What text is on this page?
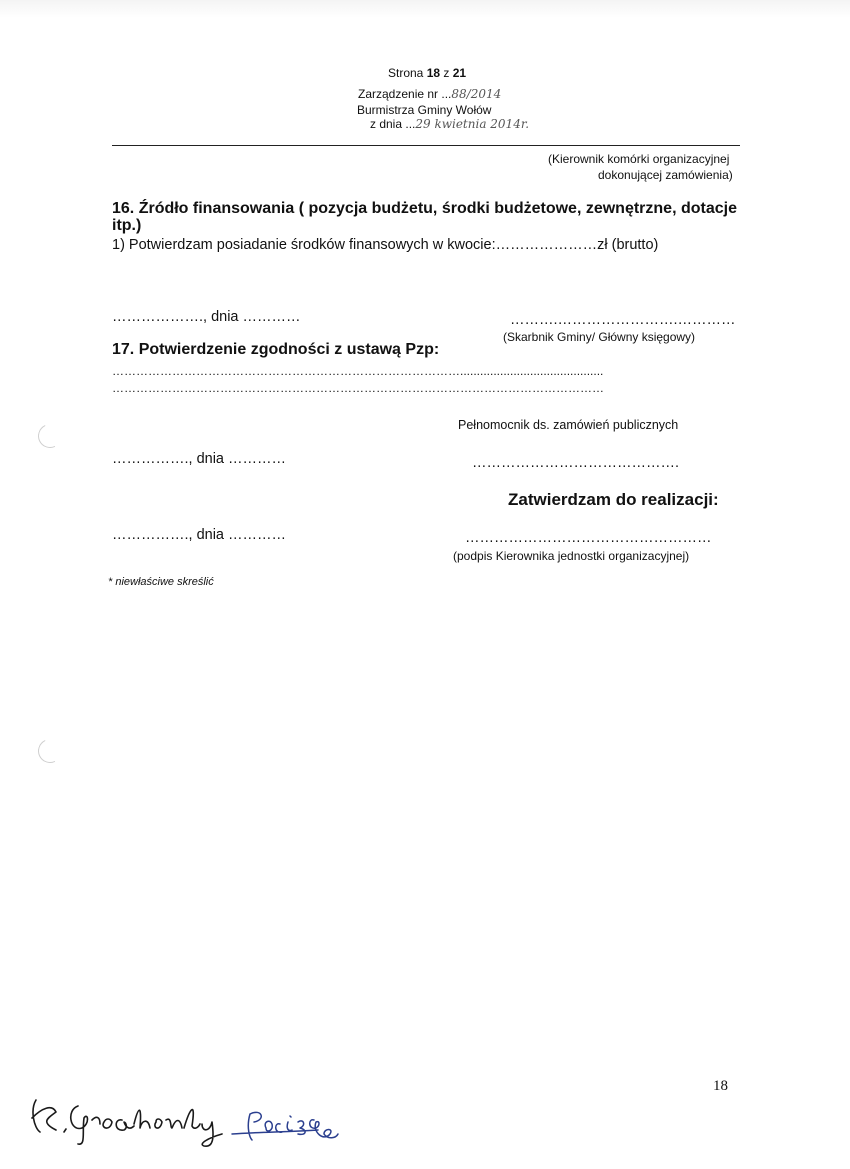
Strona 18 z 21
Zarządzenie nr ...88/2014
Burmistrza Gminy Wołów
z dnia ...29 kwietnia 2014r.
(Kierownik komórki organizacyjnej
dokonującej zamówienia)
16. Źródło finansowania ( pozycja budżetu, środki budżetowe, zewnętrzne, dotacje
itp.)
1) Potwierdzam posiadanie środków finansowych w kwocie:…………………zł (brutto)
………………., dnia …………	……….…………………….…………
(Skarbnik Gminy/ Główny księgowy)
17. Potwierdzenie zgodności z ustawą Pzp:
……………………………………………………………………………...........................................
……………………………………………………………………………………………………………
Pełnomocnik ds. zamówień publicznych
……………., dnia …………	…………………………………….
Zatwierdzam do realizacji:
……………., dnia …………	……………………………………………
(podpis Kierownika jednostki organizacyjnej)
* niewłaściwe skreślić
18
